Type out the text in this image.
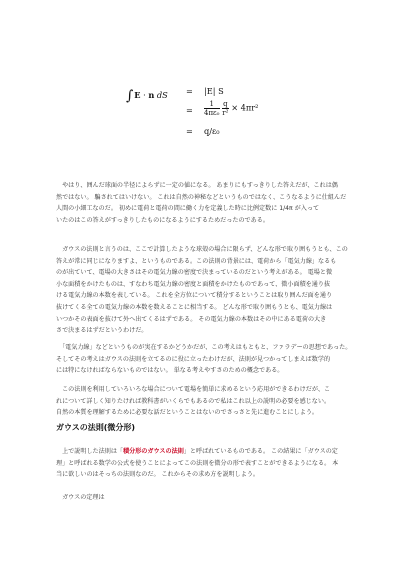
∫E · n dS = |E| S
= $\frac{1}{\text{4πε₀}}$
$\frac{q}{\text{r²}} \times 4\pi r^2$
= q/ε₀

　やはり、囲んだ球面の半径によらずに一定の値になる。 あまりにもすっきりした答えだが、これは偶
然ではない。 騙されてはいけない。 これは自然の神秘などというものではなく、こうなるように仕組んだ
人間の小細工なのだ。 初めに電荷と電荷の間に働く力を定義した時に比例定数に 1/4π が入って
いたのはこの答えがすっきりしたものになるようにするためだったのである。

　ガウスの法則と言うのは、ここで計算したような球殻の場合に限らず、どんな形で取り囲もうとも、この
答えが常に同じになりますよ、というものである。この法則の背景には、電荷から「電気力線」なるも
のが出ていて、電場の大きさはその電気力線の密度で決まっているのだという考えがある。 電場と微
小な面積をかけたものは、すなわち電気力線の密度と面積をかけたものであって、微小面積を通り抜
ける電気力線の本数を表している。 これを全方位について積分するということは取り囲んだ面を通り
抜けてくる全ての電気力線の本数を数えることに相当する。 どんな形で取り囲もうとも、電気力線は
いつかその表面を抜けて外へ出てくるはずである。 その電気力線の本数はその中にある電荷の大き
さで決まるはずだというわけだ。

　「電気力線」などというものが実在するかどうかだが、この考えはもともと、ファラデーの思想であった。
そしてその考えはガウスの法則を立てるのに役に立ったわけだが、法則が見つかってしまえば数学的
には特になければならないものではない。 単なる考えやすさのための概念である。

　この法則を利用していろいろな場合について電場を簡単に求めるという応用ができるわけだが、こ
れについて詳しく知りたければ教科書がいくらでもあるので私はこれ以上の説明の必要を感じない。
自然の本質を理解するために必要な話だということはないのでさっさと先に進むことにしよう。

ガウスの法則(微分形)

　上で説明した法則は「積分形のガウスの法則」と呼ばれているものである。 この結果に「ガウスの定
理」と呼ばれる数学の公式を使うことによってこの法則を微分の形で表すことができるようになる。 本
当に欲しいのはそっちの法則なのだ。 これからその求め方を説明しよう。

　ガウスの定理は
